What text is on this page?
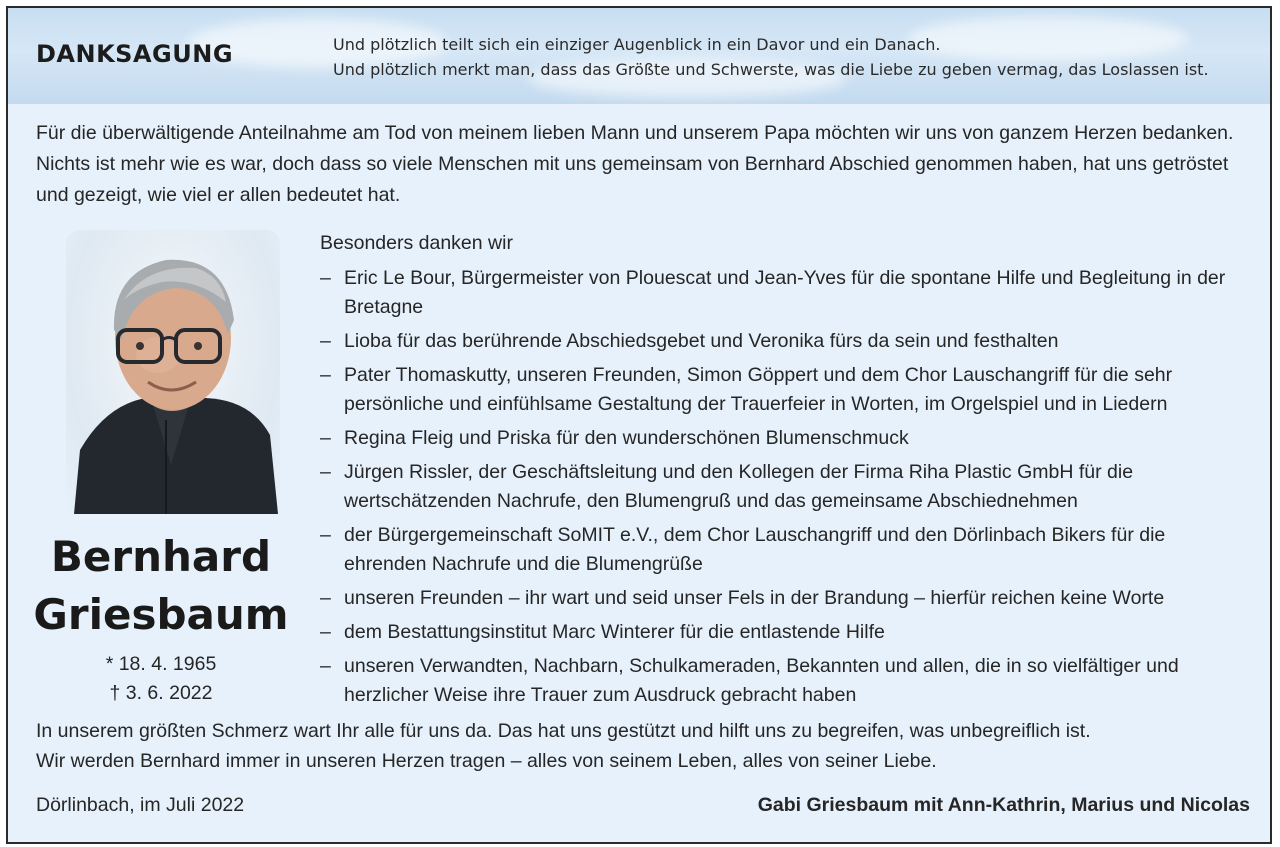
DANKSAGUNG	Und plötzlich teilt sich ein einziger Augenblick in ein Davor und ein Danach.
Und plötzlich merkt man, dass das Größte und Schwerste, was die Liebe zu geben vermag, das Loslassen ist.
Für die überwältigende Anteilnahme am Tod von meinem lieben Mann und unserem Papa möchten wir uns von ganzem Herzen bedanken. Nichts ist mehr wie es war, doch dass so viele Menschen mit uns gemeinsam von Bernhard Abschied genommen haben, hat uns getröstet und gezeigt, wie viel er allen bedeutet hat.
Bernhard
Griesbaum
* 18. 4. 1965
† 3. 6. 2022
Besonders danken wir
– Eric Le Bour, Bürgermeister von Plouescat und Jean-Yves für die spontane Hilfe und Begleitung in der Bretagne
– Lioba für das berührende Abschiedsgebet und Veronika fürs da sein und festhalten
– Pater Thomaskutty, unseren Freunden, Simon Göppert und dem Chor Lauschangriff für die sehr persönliche und einfühlsame Gestaltung der Trauerfeier in Worten, im Orgelspiel und in Liedern
– Regina Fleig und Priska für den wunderschönen Blumenschmuck
– Jürgen Rissler, der Geschäftsleitung und den Kollegen der Firma Riha Plastic GmbH für die wertschätzenden Nachrufe, den Blumengruß und das gemeinsame Abschiednehmen
– der Bürgergemeinschaft SoMIT e.V., dem Chor Lauschangriff und den Dörlinbach Bikers für die ehrenden Nachrufe und die Blumengrüße
– unseren Freunden – ihr wart und seid unser Fels in der Brandung – hierfür reichen keine Worte
– dem Bestattungsinstitut Marc Winterer für die entlastende Hilfe
– unseren Verwandten, Nachbarn, Schulkameraden, Bekannten und allen, die in so vielfältiger und herzlicher Weise ihre Trauer zum Ausdruck gebracht haben
In unserem größten Schmerz wart Ihr alle für uns da. Das hat uns gestützt und hilft uns zu begreifen, was unbegreiflich ist.
Wir werden Bernhard immer in unseren Herzen tragen – alles von seinem Leben, alles von seiner Liebe.
Dörlinbach, im Juli 2022	Gabi Griesbaum mit Ann-Kathrin, Marius und Nicolas
